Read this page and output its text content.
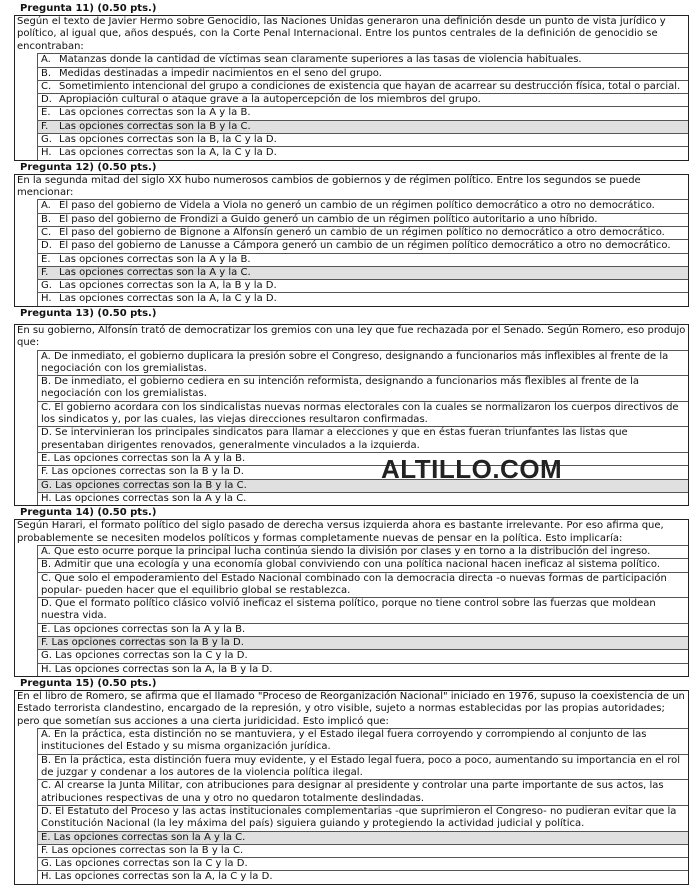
Pregunta 11) (0.50 pts.)
Según el texto de Javier Hermo sobre Genocidio, las Naciones Unidas generaron una definición desde un punto de vista jurídico y político, al igual que, años después, con la Corte Penal Internacional. Entre los puntos centrales de la definición de genocidio se encontraban:
A. Matanzas donde la cantidad de víctimas sean claramente superiores a las tasas de violencia habituales.
B. Medidas destinadas a impedir nacimientos en el seno del grupo.
C. Sometimiento intencional del grupo a condiciones de existencia que hayan de acarrear su destrucción física, total o parcial.
D. Apropiación cultural o ataque grave a la autopercepción de los miembros del grupo.
E. Las opciones correctas son la A y la B.
F.	Las opciones correctas son la B y la C.
G. Las opciones correctas son la B, la C y la D.
H. Las opciones correctas son la A, la C y la D.
Pregunta 12) (0.50 pts.)
En la segunda mitad del siglo XX hubo numerosos cambios de gobiernos y de régimen político. Entre los segundos se puede mencionar:
A. El paso del gobierno de Videla a Viola no generó un cambio de un régimen político democrático a otro no democrático.
B. El paso del gobierno de Frondizi a Guido generó un cambio de un régimen político autoritario a uno híbrido.
C. El paso del gobierno de Bignone a Alfonsín generó un cambio de un régimen político no democrático a otro democrático.
D. El paso del gobierno de Lanusse a Cámpora generó un cambio de un régimen político democrático a otro no democrático.
E. Las opciones correctas son la A y la B.
F.	Las opciones correctas son la A y la C.
G. Las opciones correctas son la A, la B y la D.
H. Las opciones correctas son la A, la C y la D.
Pregunta 13) (0.50 pts.)
En su gobierno, Alfonsín trató de democratizar los gremios con una ley que fue rechazada por el Senado. Según Romero, eso produjo que:
A. De inmediato, el gobierno duplicara la presión sobre el Congreso, designando a funcionarios más inflexibles al frente de la negociación con los gremialistas.
B. De inmediato, el gobierno cediera en su intención reformista, designando a funcionarios más flexibles al frente de la negociación con los gremialistas.
C. El gobierno acordara con los sindicalistas nuevas normas electorales con la cuales se normalizaron los cuerpos directivos de los sindicatos y, por las cuales, las viejas direcciones resultaron confirmadas.
D. Se intervinieran los principales sindicatos para llamar a elecciones y que en éstas fueran triunfantes las listas que presentaban dirigentes renovados, generalmente vinculados a la izquierda.
E. Las opciones correctas son la A y la B.
F. Las opciones correctas son la B y la D.
G. Las opciones correctas son la B y la C.
H. Las opciones correctas son la A y la C.
Pregunta 14) (0.50 pts.)
Según Harari, el formato político del siglo pasado de derecha versus izquierda ahora es bastante irrelevante. Por eso afirma que, probablemente se necesiten modelos políticos y formas completamente nuevas de pensar en la política. Esto implicaría:
A. Que esto ocurre porque la principal lucha continúa siendo la división por clases y en torno a la distribución del ingreso.
B. Admitir que una ecología y una economía global conviviendo con una política nacional hacen ineficaz al sistema político.
C. Que solo el empoderamiento del Estado Nacional combinado con la democracia directa -o nuevas formas de participación popular- pueden hacer que el equilibrio global se restablezca.
D. Que el formato político clásico volvió ineficaz el sistema político, porque no tiene control sobre las fuerzas que moldean nuestra vida.
E. Las opciones correctas son la A y la B.
F. Las opciones correctas son la B y la D.
G. Las opciones correctas son la C y la D.
H. Las opciones correctas son la A, la B y la D.
Pregunta 15) (0.50 pts.)
En el libro de Romero, se afirma que el llamado "Proceso de Reorganización Nacional" iniciado en 1976, supuso la coexistencia de un Estado terrorista clandestino, encargado de la represión, y otro visible, sujeto a normas establecidas por las propias autoridades; pero que sometían sus acciones a una cierta juridicidad. Esto implicó que:
A. En la práctica, esta distinción no se mantuviera, y el Estado ilegal fuera corroyendo y corrompiendo al conjunto de las instituciones del Estado y su misma organización jurídica.
B. En la práctica, esta distinción fuera muy evidente, y el Estado legal fuera, poco a poco, aumentando su importancia en el rol de juzgar y condenar a los autores de la violencia política ilegal.
C. Al crearse la Junta Militar, con atribuciones para designar al presidente y controlar una parte importante de sus actos, las atribuciones respectivas de una y otro no quedaron totalmente deslindadas.
D. El Estatuto del Proceso y las actas institucionales complementarias -que suprimieron el Congreso- no pudieran evitar que la Constitución Nacional (la ley máxima del país) siguiera guiando y protegiendo la actividad judicial y política.
E. Las opciones correctas son la A y la C.
F. Las opciones correctas son la B y la C.
G. Las opciones correctas son la C y la D.
H. Las opciones correctas son la A, la C y la D.
ALTILLO.COM
